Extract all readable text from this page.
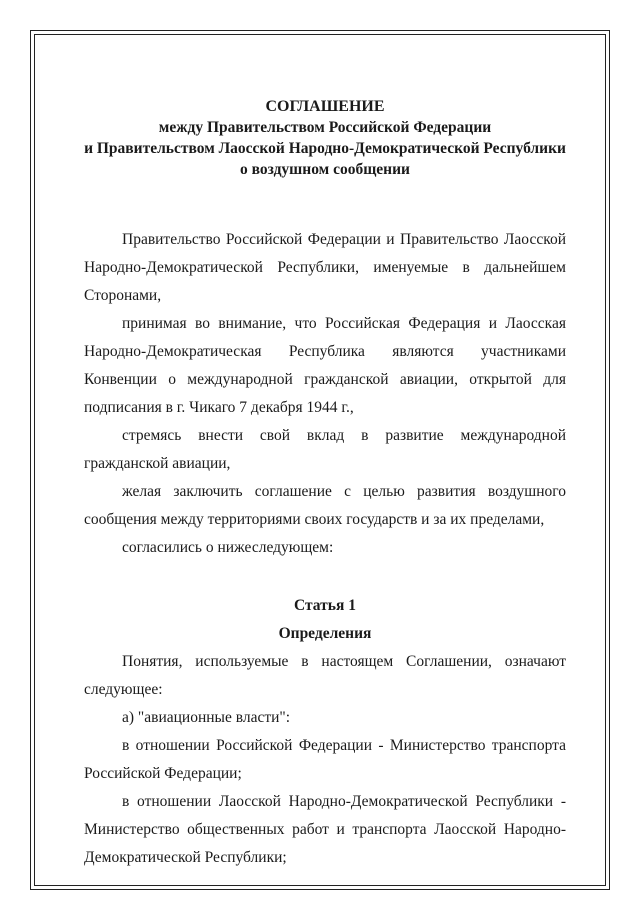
СОГЛАШЕНИЕ
между Правительством Российской Федерации
и Правительством Лаосской Народно-Демократической Республики
о воздушном сообщении

Правительство Российской Федерации и Правительство Лаосской Народно-Демократической Республики, именуемые в дальнейшем Сторонами,

принимая во внимание, что Российская Федерация и Лаосская Народно-Демократическая Республика являются участниками Конвенции о международной гражданской авиации, открытой для подписания в г. Чикаго 7 декабря 1944 г.,

стремясь внести свой вклад в развитие международной гражданской авиации,

желая заключить соглашение с целью развития воздушного сообщения между территориями своих государств и за их пределами,

согласились о нижеследующем:

Статья 1
Определения

Понятия, используемые в настоящем Соглашении, означают следующее:

а) "авиационные власти":

в отношении Российской Федерации - Министерство транспорта Российской Федерации;

в отношении Лаосской Народно-Демократической Республики - Министерство общественных работ и транспорта Лаосской Народно-Демократической Республики;
